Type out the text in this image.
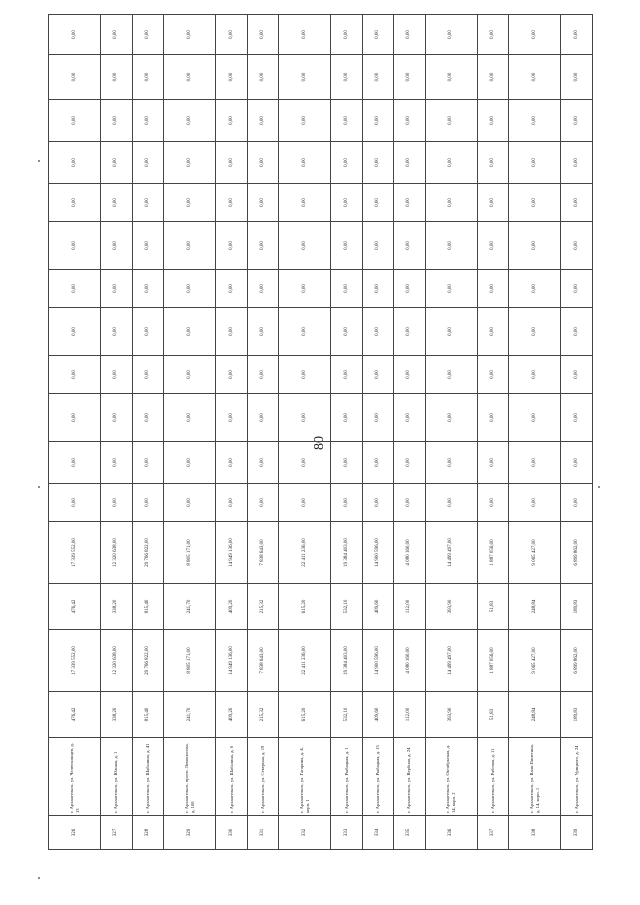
80
326	г. Архангельск, ул. Челюскинцев, д. 13	476,42	17 339 552,00	476,42	17 339 552,00	0,00	0,00	0,00	0,00	0,00	0,00	0,00	0,00	0,00	0,00	0,00	0,00
327	г. Архангельск, ул. Южная, д. 1	338,20	12 320 638,00	338,20	12 320 638,00	0,00	0,00	0,00	0,00	0,00	0,00	0,00	0,00	0,00	0,00	0,00	0,00
328	г. Архангельск, ул. Шабалина, д. 41	815,40	29 766 822,00	815,40	29 766 822,00	0,00	0,00	0,00	0,00	0,00	0,00	0,00	0,00	0,00	0,00	0,00	0,00
329	г. Архангельск, просп. Ломоносова, д. 108	241,70	8 805 171,00	241,70	8 805 171,00	0,00	0,00	0,00	0,00	0,00	0,00	0,00	0,00	0,00	0,00	0,00	0,00
330	г. Архангельск, ул. Шабалина, д. 6	409,20	14 949 136,00	409,20	14 949 136,00	0,00	0,00	0,00	0,00	0,00	0,00	0,00	0,00	0,00	0,00	0,00	0,00
331	г. Архангельск, ул. Северная, д. 19	215,32	7 838 643,00	215,32	7 838 643,00	0,00	0,00	0,00	0,00	0,00	0,00	0,00	0,00	0,00	0,00	0,00	0,00
332	г. Архангельск, ул. Гагарина, д. 4, корп. 1	615,20	22 411 236,00	615,20	22 411 236,00	0,00	0,00	0,00	0,00	0,00	0,00	0,00	0,00	0,00	0,00	0,00	0,00
333	г. Архангельск, ул. Рыбацкая, д. 1	532,10	19 384 403,00	532,10	19 384 403,00	0,00	0,00	0,00	0,00	0,00	0,00	0,00	0,00	0,00	0,00	0,00	0,00
334	г. Архангельск, ул. Рыбацкая, д. 15	409,60	14 900 596,00	409,60	14 900 596,00	0,00	0,00	0,00	0,00	0,00	0,00	0,00	0,00	0,00	0,00	0,00	0,00
335	г. Архангельск, ул. Вербная, д. 24	112,00	4 080 160,00	112,00	4 080 160,00	0,00	0,00	0,00	0,00	0,00	0,00	0,00	0,00	0,00	0,00	0,00	0,00
336	г. Архангельск, ул. Октябрьская, д. 14, корп. 2	393,90	14 499 497,00	393,90	14 499 497,00	0,00	0,00	0,00	0,00	0,00	0,00	0,00	0,00	0,00	0,00	0,00	0,00
337	г. Архангельск, ул. Рабочая, д. 11	51,83	1 887 056,00	51,83	1 887 056,00	0,00	0,00	0,00	0,00	0,00	0,00	0,00	0,00	0,00	0,00	0,00	0,00
338	г. Архангельск, ул. Вали Пинегина, д. 14, корп. 1	248,84	9 065 427,00	248,84	9 065 427,00	0,00	0,00	0,00	0,00	0,00	0,00	0,00	0,00	0,00	0,00	0,00	0,00
339	г. Архангельск, ул. Урицкого, д. 24	189,83	6 899 862,00	189,83	6 899 862,00	0,00	0,00	0,00	0,00	0,00	0,00	0,00	0,00	0,00	0,00	0,00	0,00
